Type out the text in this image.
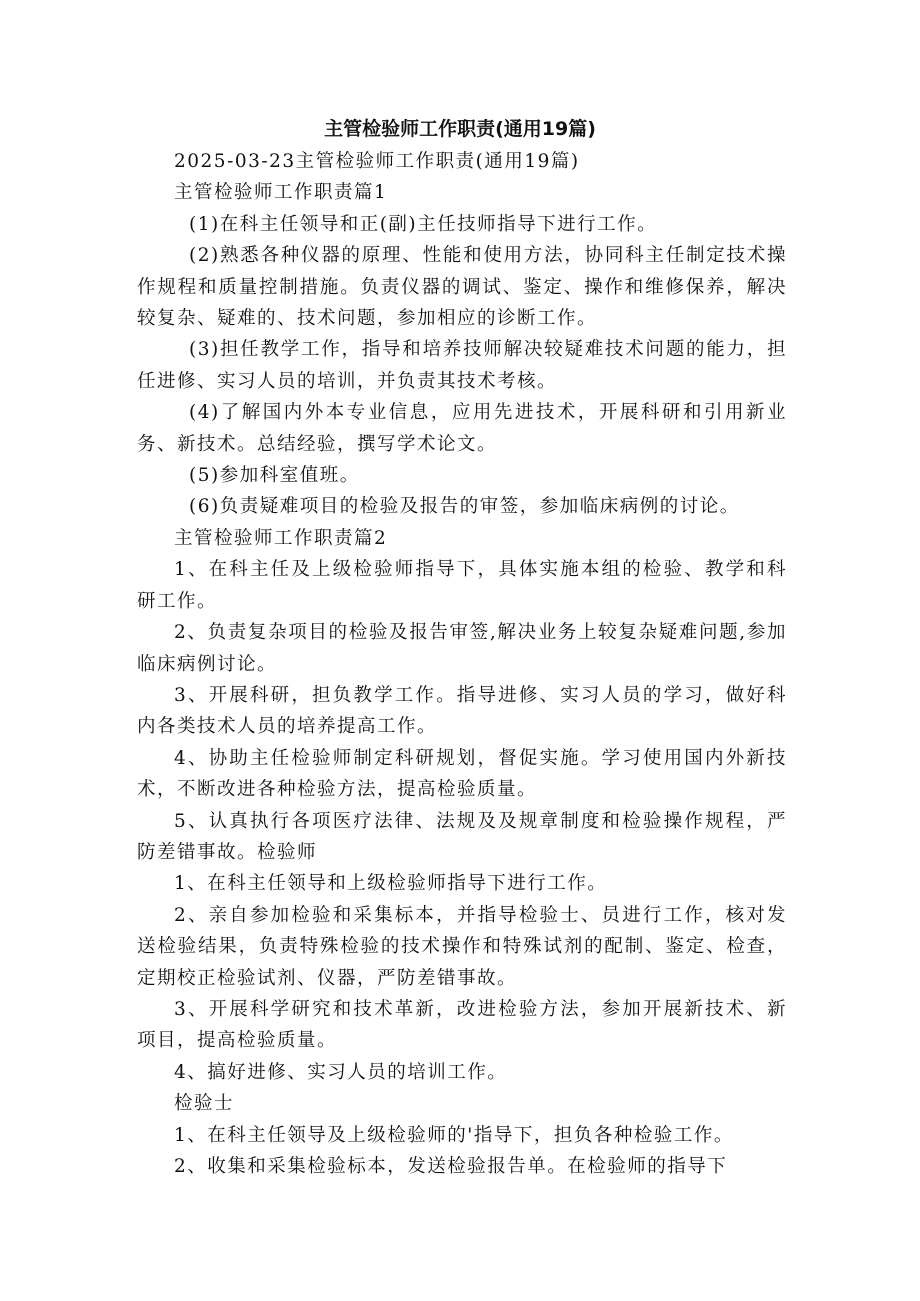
主管检验师工作职责(通用19篇)

2025-03-23主管检验师工作职责(通用19篇)

主管检验师工作职责篇1

(1)在科主任领导和正(副)主任技师指导下进行工作。

(2)熟悉各种仪器的原理、性能和使用方法，协同科主任制定技术操作规程和质量控制措施。负责仪器的调试、鉴定、操作和维修保养，解决较复杂、疑难的、技术问题，参加相应的诊断工作。

(3)担任教学工作，指导和培养技师解决较疑难技术问题的能力，担任进修、实习人员的培训，并负责其技术考核。

(4)了解国内外本专业信息，应用先进技术，开展科研和引用新业务、新技术。总结经验，撰写学术论文。

(5)参加科室值班。

(6)负责疑难项目的检验及报告的审签，参加临床病例的讨论。

主管检验师工作职责篇2

1、在科主任及上级检验师指导下，具体实施本组的检验、教学和科研工作。

2、负责复杂项目的检验及报告审签,解决业务上较复杂疑难问题,参加临床病例讨论。

3、开展科研，担负教学工作。指导进修、实习人员的学习，做好科内各类技术人员的培养提高工作。

4、协助主任检验师制定科研规划，督促实施。学习使用国内外新技术，不断改进各种检验方法，提高检验质量。

5、认真执行各项医疗法律、法规及及规章制度和检验操作规程，严防差错事故。检验师

1、在科主任领导和上级检验师指导下进行工作。

2、亲自参加检验和采集标本，并指导检验士、员进行工作，核对发送检验结果，负责特殊检验的技术操作和特殊试剂的配制、鉴定、检查，定期校正检验试剂、仪器，严防差错事故。

3、开展科学研究和技术革新，改进检验方法，参加开展新技术、新项目，提高检验质量。

4、搞好进修、实习人员的培训工作。

检验士

1、在科主任领导及上级检验师的'指导下，担负各种检验工作。

2、收集和采集检验标本，发送检验报告单。在检验师的指导下
